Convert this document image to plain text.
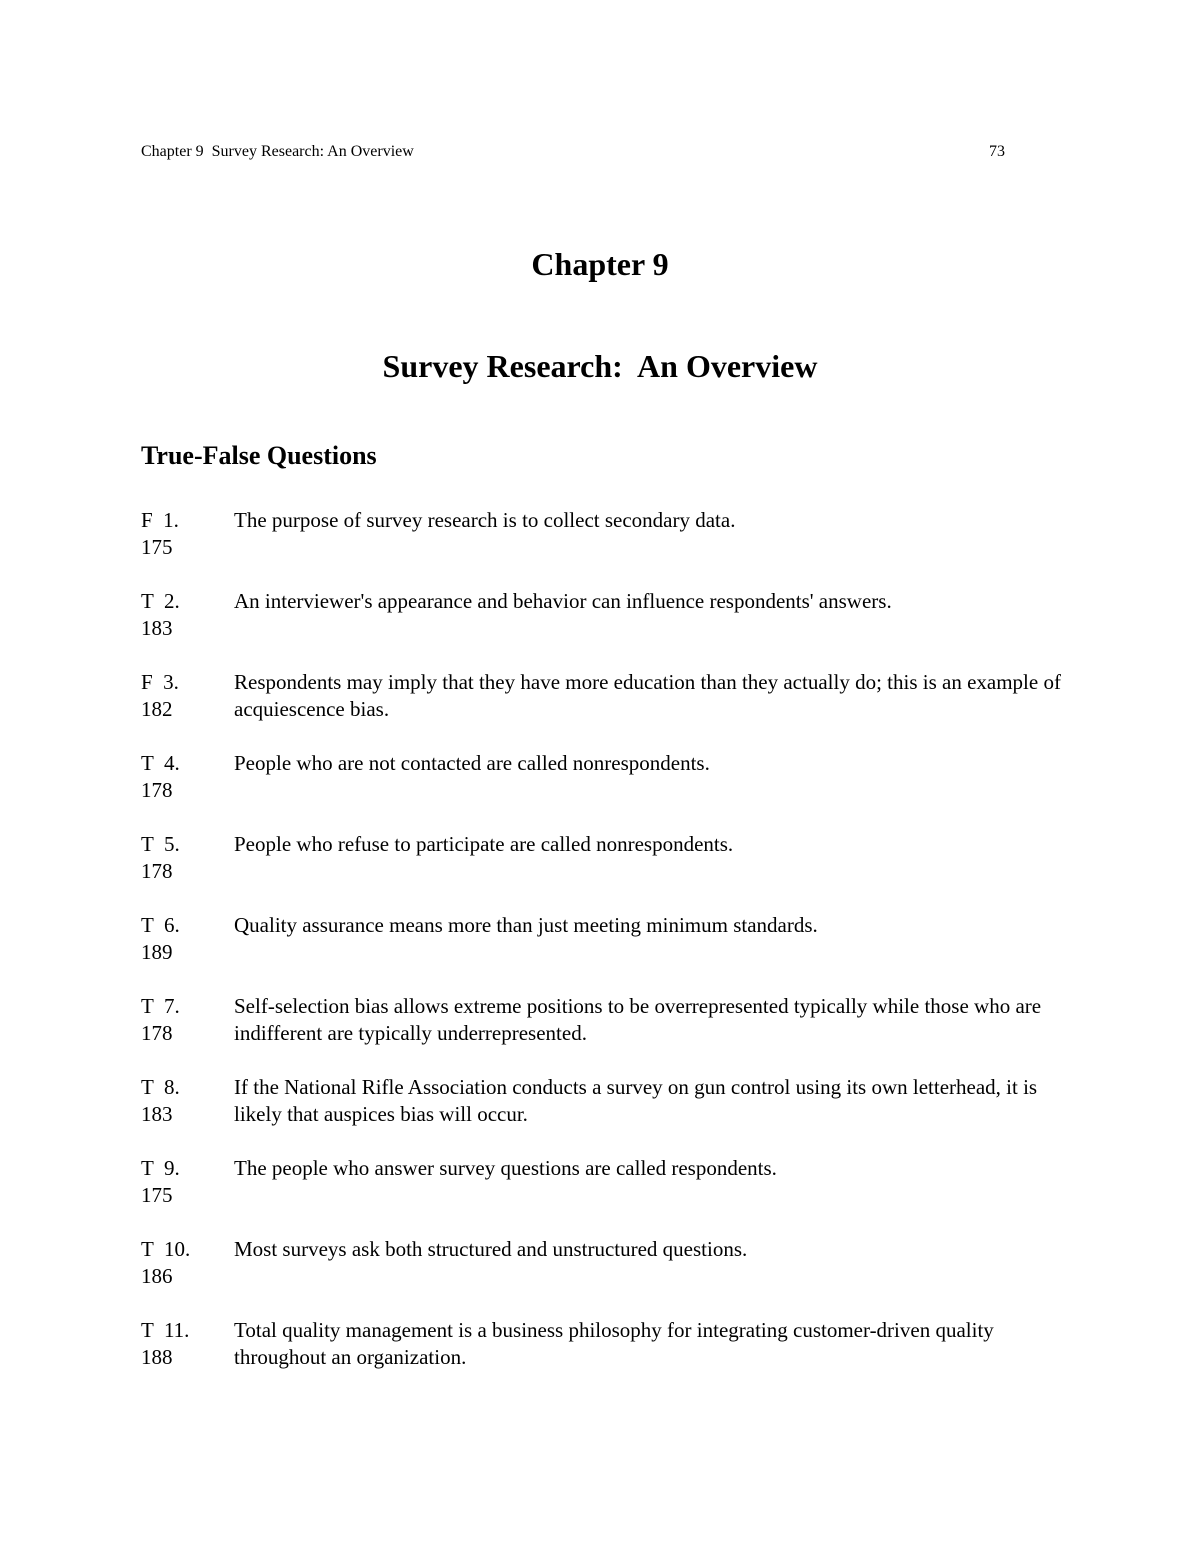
Chapter 9  Survey Research: An Overview	73
Chapter 9
Survey Research:  An Overview
True-False Questions
F  1.
175
The purpose of survey research is to collect secondary data.
T  2.
183
An interviewer's appearance and behavior can influence respondents' answers.
F  3.
182
Respondents may imply that they have more education than they actually do; this is an example of acquiescence bias.
T  4.
178
People who are not contacted are called nonrespondents.
T  5.
178
People who refuse to participate are called nonrespondents.
T  6.
189
Quality assurance means more than just meeting minimum standards.
T  7.
178
Self-selection bias allows extreme positions to be overrepresented typically while those who are indifferent are typically underrepresented.
T  8.
183
If the National Rifle Association conducts a survey on gun control using its own letterhead, it is likely that auspices bias will occur.
T  9.
175
The people who answer survey questions are called respondents.
T  10.
186
Most surveys ask both structured and unstructured questions.
T  11.
188
Total quality management is a business philosophy for integrating customer-driven quality throughout an organization.
